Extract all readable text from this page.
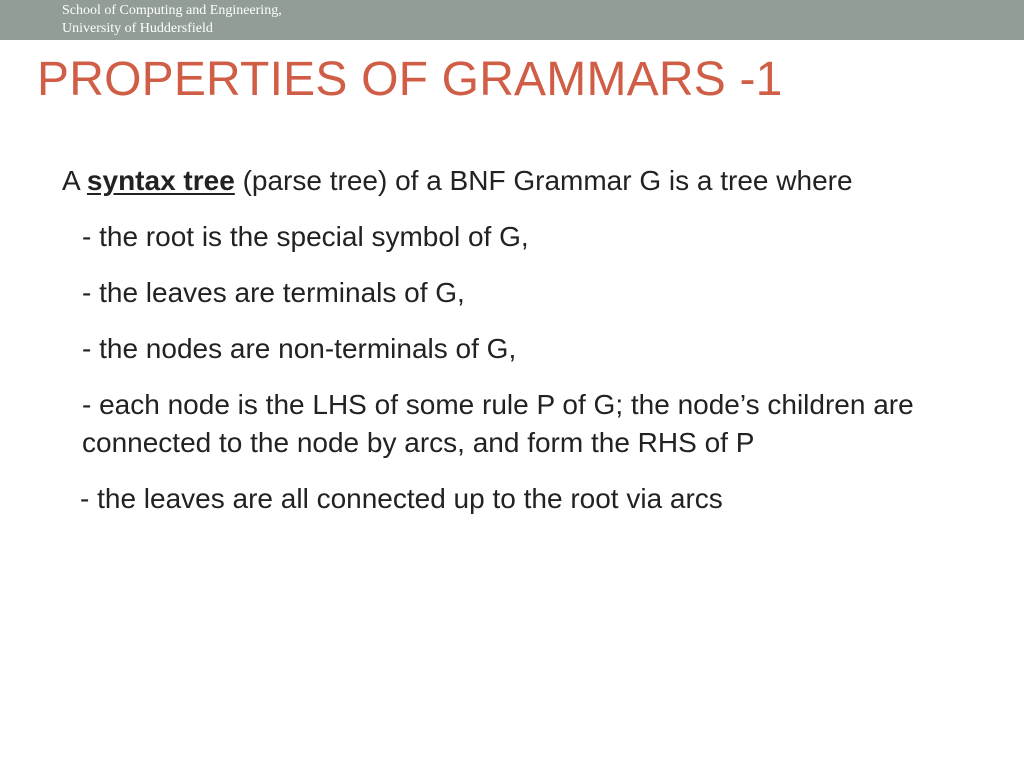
School of Computing and Engineering,
University of Huddersfield
PROPERTIES OF GRAMMARS -1

A syntax tree (parse tree) of a BNF Grammar G is a tree where

- the root is the special symbol of G,

- the leaves are terminals of G,

- the nodes are non-terminals of G,

- each node is the LHS of some rule P of G; the node’s children are connected to the node by arcs, and form the RHS of P

- the leaves are all connected up to the root via arcs
